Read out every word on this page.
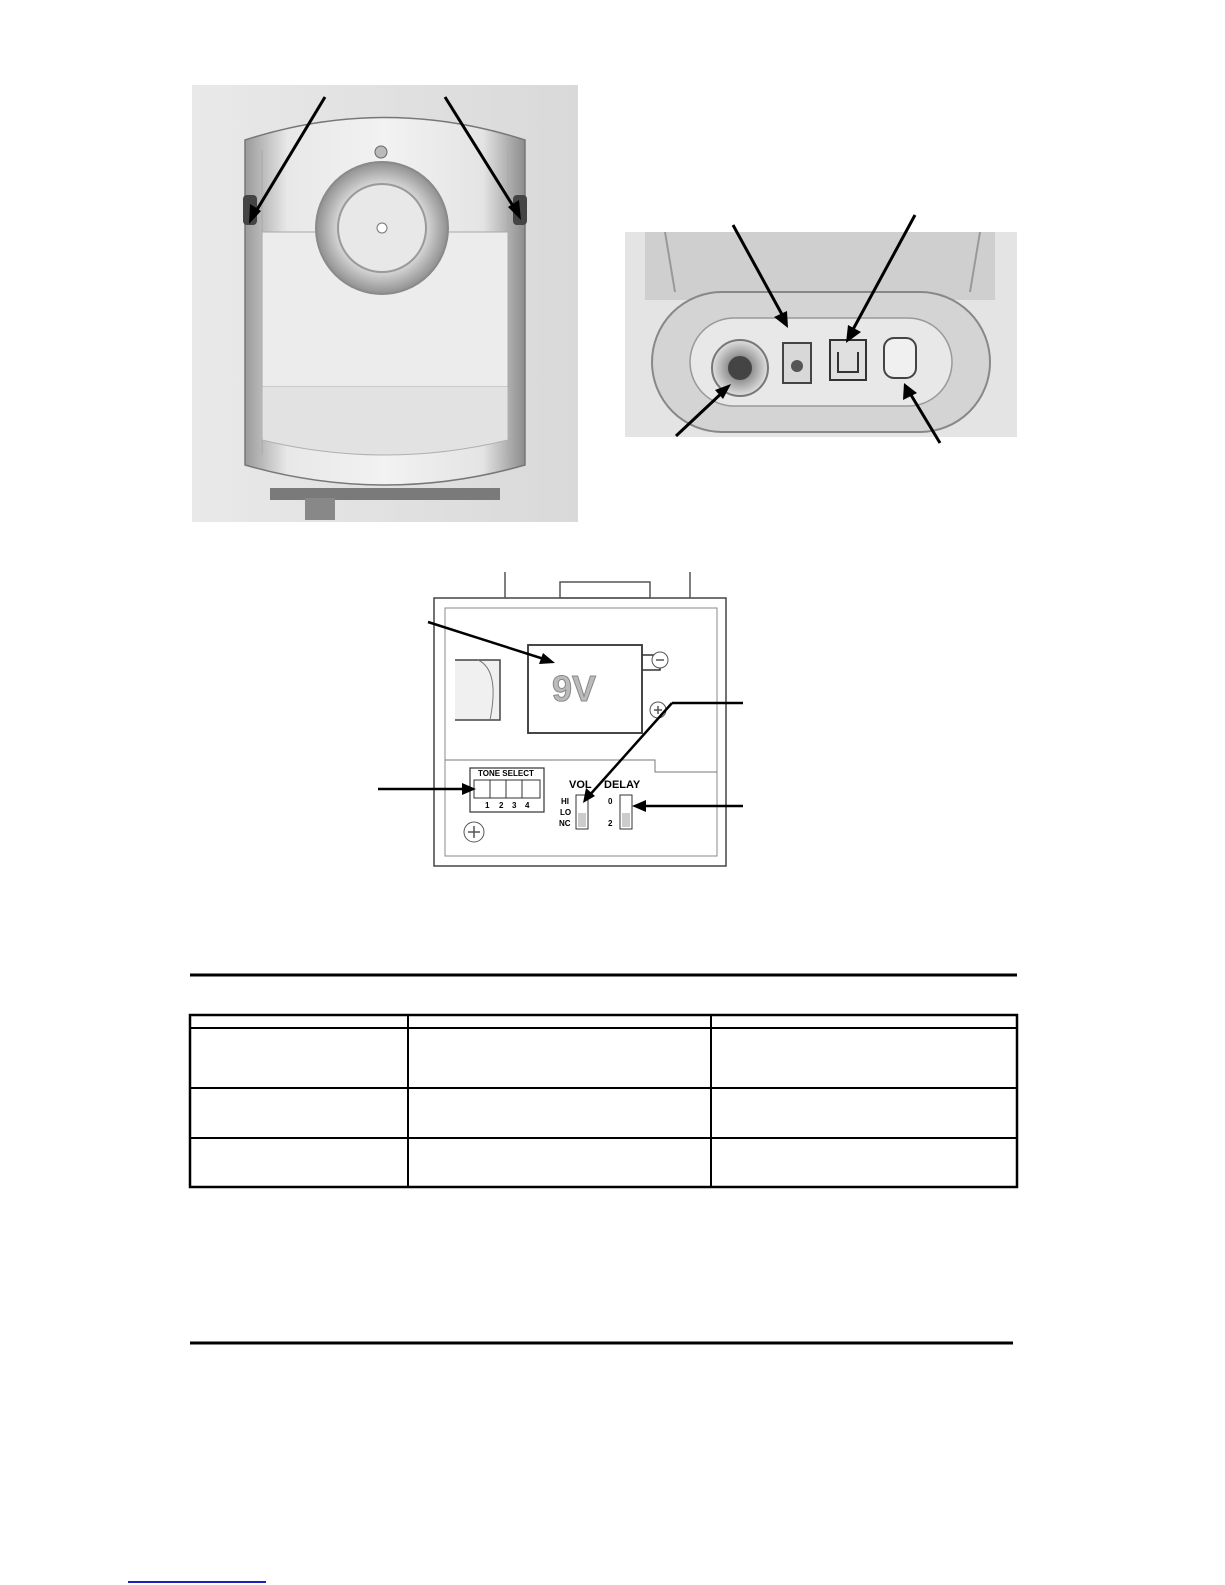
9V
TONE SELECT
1 2 3 4
VOL DELAY
HI
LO
NC
0
2
